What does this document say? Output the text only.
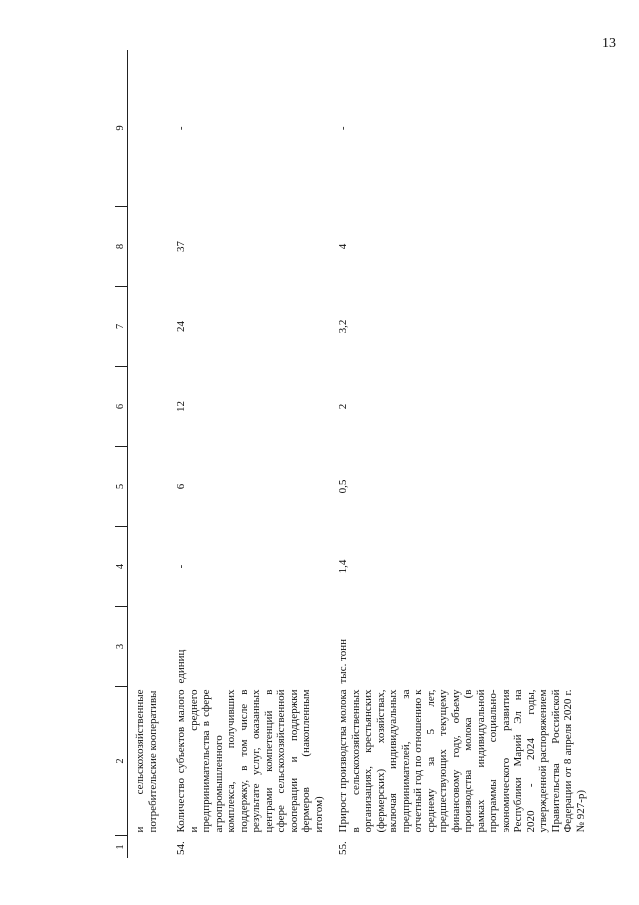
13
1	2	3	4	5	6	7	8	9
	и сельскохозяйственные потребительские кооперативы							
54.	Количество субъектов малого и среднего предпринимательства в сфере агропромышленного комплекса, получивших поддержку, в том числе в результате услуг, оказанных центрами компетенций в сфере сельскохозяйственной кооперации и поддержки фермеров (накопленным итогом)	единиц	-	6	12	24	37	-
55.	Прирост производства молока в сельскохозяйственных организациях, крестьянских (фермерских) хозяйствах, включая индивидуальных предпринимателей, за отчетный год по отношению к среднему за 5 лет, предшествующих текущему финансовому году, объему производства молока (в рамках индивидуальной программы социально-экономического развития Республики Марий Эл на 2020 - 2024 годы, утвержденной распоряжением Правительства Российской Федерации от 8 апреля 2020 г. № 927-р)	тыс. тонн	1,4	0,5	2	3,2	4	-
